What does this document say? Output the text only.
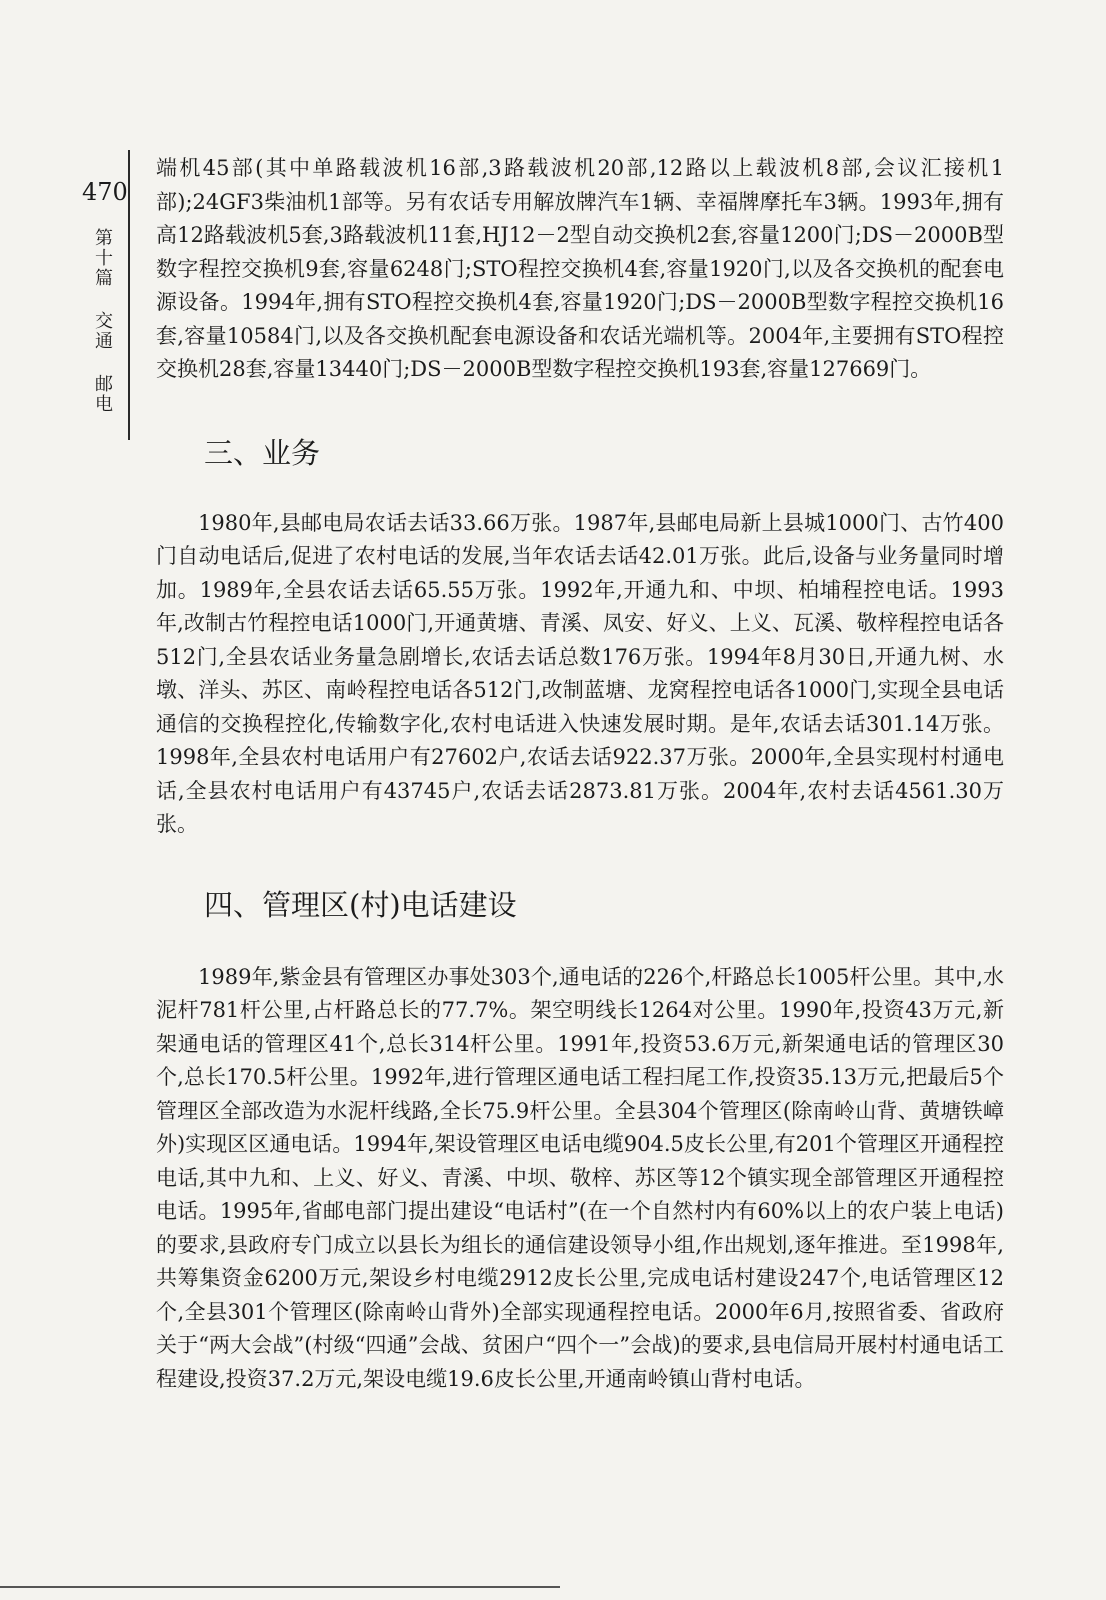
470
第十篇 交通 邮电

端机45部(其中单路载波机16部,3路载波机20部,12路以上载波机8部,会议汇接机1部);24GF3柴油机1部等。另有农话专用解放牌汽车1辆、幸福牌摩托车3辆。1993年,拥有高12路载波机5套,3路载波机11套,HJ12－2型自动交换机2套,容量1200门;DS－2000B型数字程控交换机9套,容量6248门;STO程控交换机4套,容量1920门,以及各交换机的配套电源设备。1994年,拥有STO程控交换机4套,容量1920门;DS－2000B型数字程控交换机16套,容量10584门,以及各交换机配套电源设备和农话光端机等。2004年,主要拥有STO程控交换机28套,容量13440门;DS－2000B型数字程控交换机193套,容量127669门。

三、业务

1980年,县邮电局农话去话33.66万张。1987年,县邮电局新上县城1000门、古竹400门自动电话后,促进了农村电话的发展,当年农话去话42.01万张。此后,设备与业务量同时增加。1989年,全县农话去话65.55万张。1992年,开通九和、中坝、柏埔程控电话。1993年,改制古竹程控电话1000门,开通黄塘、青溪、凤安、好义、上义、瓦溪、敬梓程控电话各512门,全县农话业务量急剧增长,农话去话总数176万张。1994年8月30日,开通九树、水墩、洋头、苏区、南岭程控电话各512门,改制蓝塘、龙窝程控电话各1000门,实现全县电话通信的交换程控化,传输数字化,农村电话进入快速发展时期。是年,农话去话301.14万张。1998年,全县农村电话用户有27602户,农话去话922.37万张。2000年,全县实现村村通电话,全县农村电话用户有43745户,农话去话2873.81万张。2004年,农村去话4561.30万张。

四、管理区(村)电话建设

1989年,紫金县有管理区办事处303个,通电话的226个,杆路总长1005杆公里。其中,水泥杆781杆公里,占杆路总长的77.7%。架空明线长1264对公里。1990年,投资43万元,新架通电话的管理区41个,总长314杆公里。1991年,投资53.6万元,新架通电话的管理区30个,总长170.5杆公里。1992年,进行管理区通电话工程扫尾工作,投资35.13万元,把最后5个管理区全部改造为水泥杆线路,全长75.9杆公里。全县304个管理区(除南岭山背、黄塘铁嶂外)实现区区通电话。1994年,架设管理区电话电缆904.5皮长公里,有201个管理区开通程控电话,其中九和、上义、好义、青溪、中坝、敬梓、苏区等12个镇实现全部管理区开通程控电话。1995年,省邮电部门提出建设“电话村”(在一个自然村内有60%以上的农户装上电话)的要求,县政府专门成立以县长为组长的通信建设领导小组,作出规划,逐年推进。至1998年,共筹集资金6200万元,架设乡村电缆2912皮长公里,完成电话村建设247个,电话管理区12个,全县301个管理区(除南岭山背外)全部实现通程控电话。2000年6月,按照省委、省政府关于“两大会战”(村级“四通”会战、贫困户“四个一”会战)的要求,县电信局开展村村通电话工程建设,投资37.2万元,架设电缆19.6皮长公里,开通南岭镇山背村电话。
